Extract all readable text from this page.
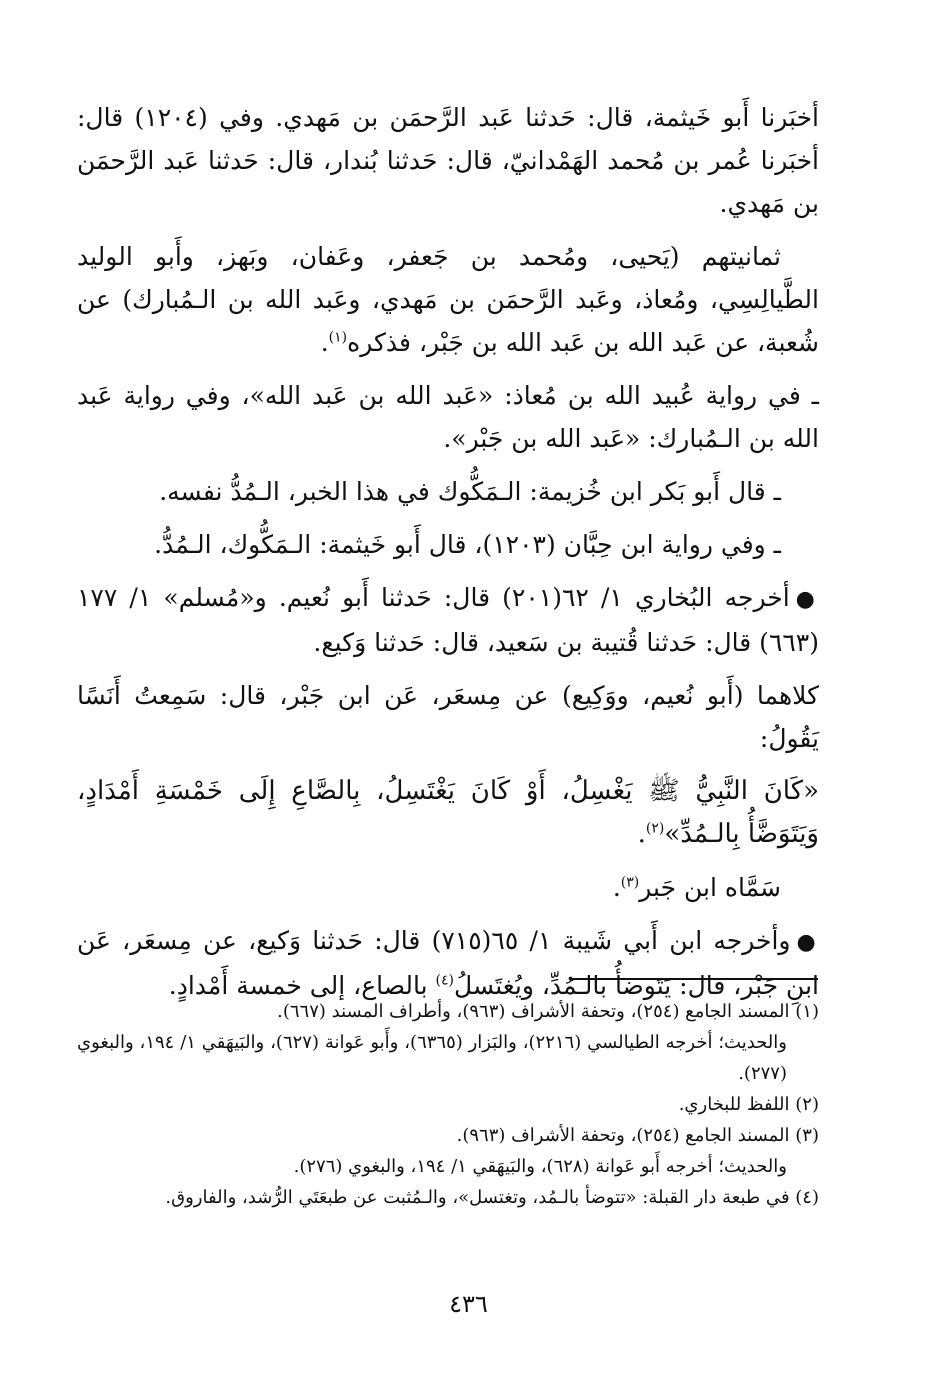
أخبَرنا أَبو خَيثمة، قال: حَدثنا عَبد الرَّحمَن بن مَهدي. وفي (١٢٠٤) قال: أخبَرنا عُمر بن مُحمد الهَمْدانيّ، قال: حَدثنا بُندار، قال: حَدثنا عَبد الرَّحمَن بن مَهدي.

ثمانيتهم (يَحيى، ومُحمد بن جَعفر، وعَفان، وبَهز، وأَبو الوليد الطَّيالِسِي، ومُعاذ، وعَبد الرَّحمَن بن مَهدي، وعَبد الله بن الـمُبارك) عن شُعبة، عن عَبد الله بن عَبد الله بن جَبْر، فذكره$^{(١)}$.

ـ في رواية عُبيد الله بن مُعاذ: «عَبد الله بن عَبد الله»، وفي رواية عَبد الله بن الـمُبارك: «عَبد الله بن جَبْر».

ـ قال أَبو بَكر ابن خُزيمة: الـمَكُّوك في هذا الخبر، الـمُدُّ نفسه.

ـ وفي رواية ابن حِبَّان (١٢٠٣)، قال أَبو خَيثمة: الـمَكُّوك، الـمُدُّ.

●أخرجه البُخاري ١/ ٦٢(٢٠١) قال: حَدثنا أَبو نُعيم. و«مُسلم» ١/ ١٧٧ (٦٦٣) قال: حَدثنا قُتيبة بن سَعيد، قال: حَدثنا وَكيع.

كلاهما (أَبو نُعيم، ووَكِيع) عن مِسعَر، عَن ابن جَبْر، قال: سَمِعتُ أَنَسًا يَقُولُ:

«كَانَ النَّبِيُّ ﷺ يَغْسِلُ، أَوْ كَانَ يَغْتَسِلُ، بِالصَّاعِ إِلَى خَمْسَةِ أَمْدَادٍ، وَيَتَوَضَّأُ بِالـمُدِّ»$^{(٢)}$.

سَمَّاه ابن جَبر$^{(٣)}$.

●وأخرجه ابن أَبي شَيبة ١/ ٦٥(٧١٥) قال: حَدثنا وَكيع، عن مِسعَر، عَن ابنِ جَبْر، قال: يَتَوضأُ بالـمُدِّ، ويُغتَسلُ$^{(٤)}$ بالصاع، إلى خمسة أَمْدادٍ.

(١) المسند الجامع (٢٥٤)، وتحفة الأشراف (٩٦٣)، وأطراف المسند (٦٦٧).

والحديث؛ أخرجه الطيالسي (٢٢١٦)، والبَزار (٦٣٦٥)، وأَبو عَوانة (٦٢٧)، والبَيهَقي ١/ ١٩٤، والبغوي (٢٧٧).

(٢) اللفظ للبخاري.

(٣) المسند الجامع (٢٥٤)، وتحفة الأشراف (٩٦٣).

والحديث؛ أخرجه أَبو عَوانة (٦٢٨)، والبَيهَقي ١/ ١٩٤، والبغوي (٢٧٦).

(٤) في طبعة دار القبلة: «تتوضأ بالـمُد، وتغتسل»، والـمُثبت عن طبعَتَي الرُّشد، والفاروق.

٤٣٦
